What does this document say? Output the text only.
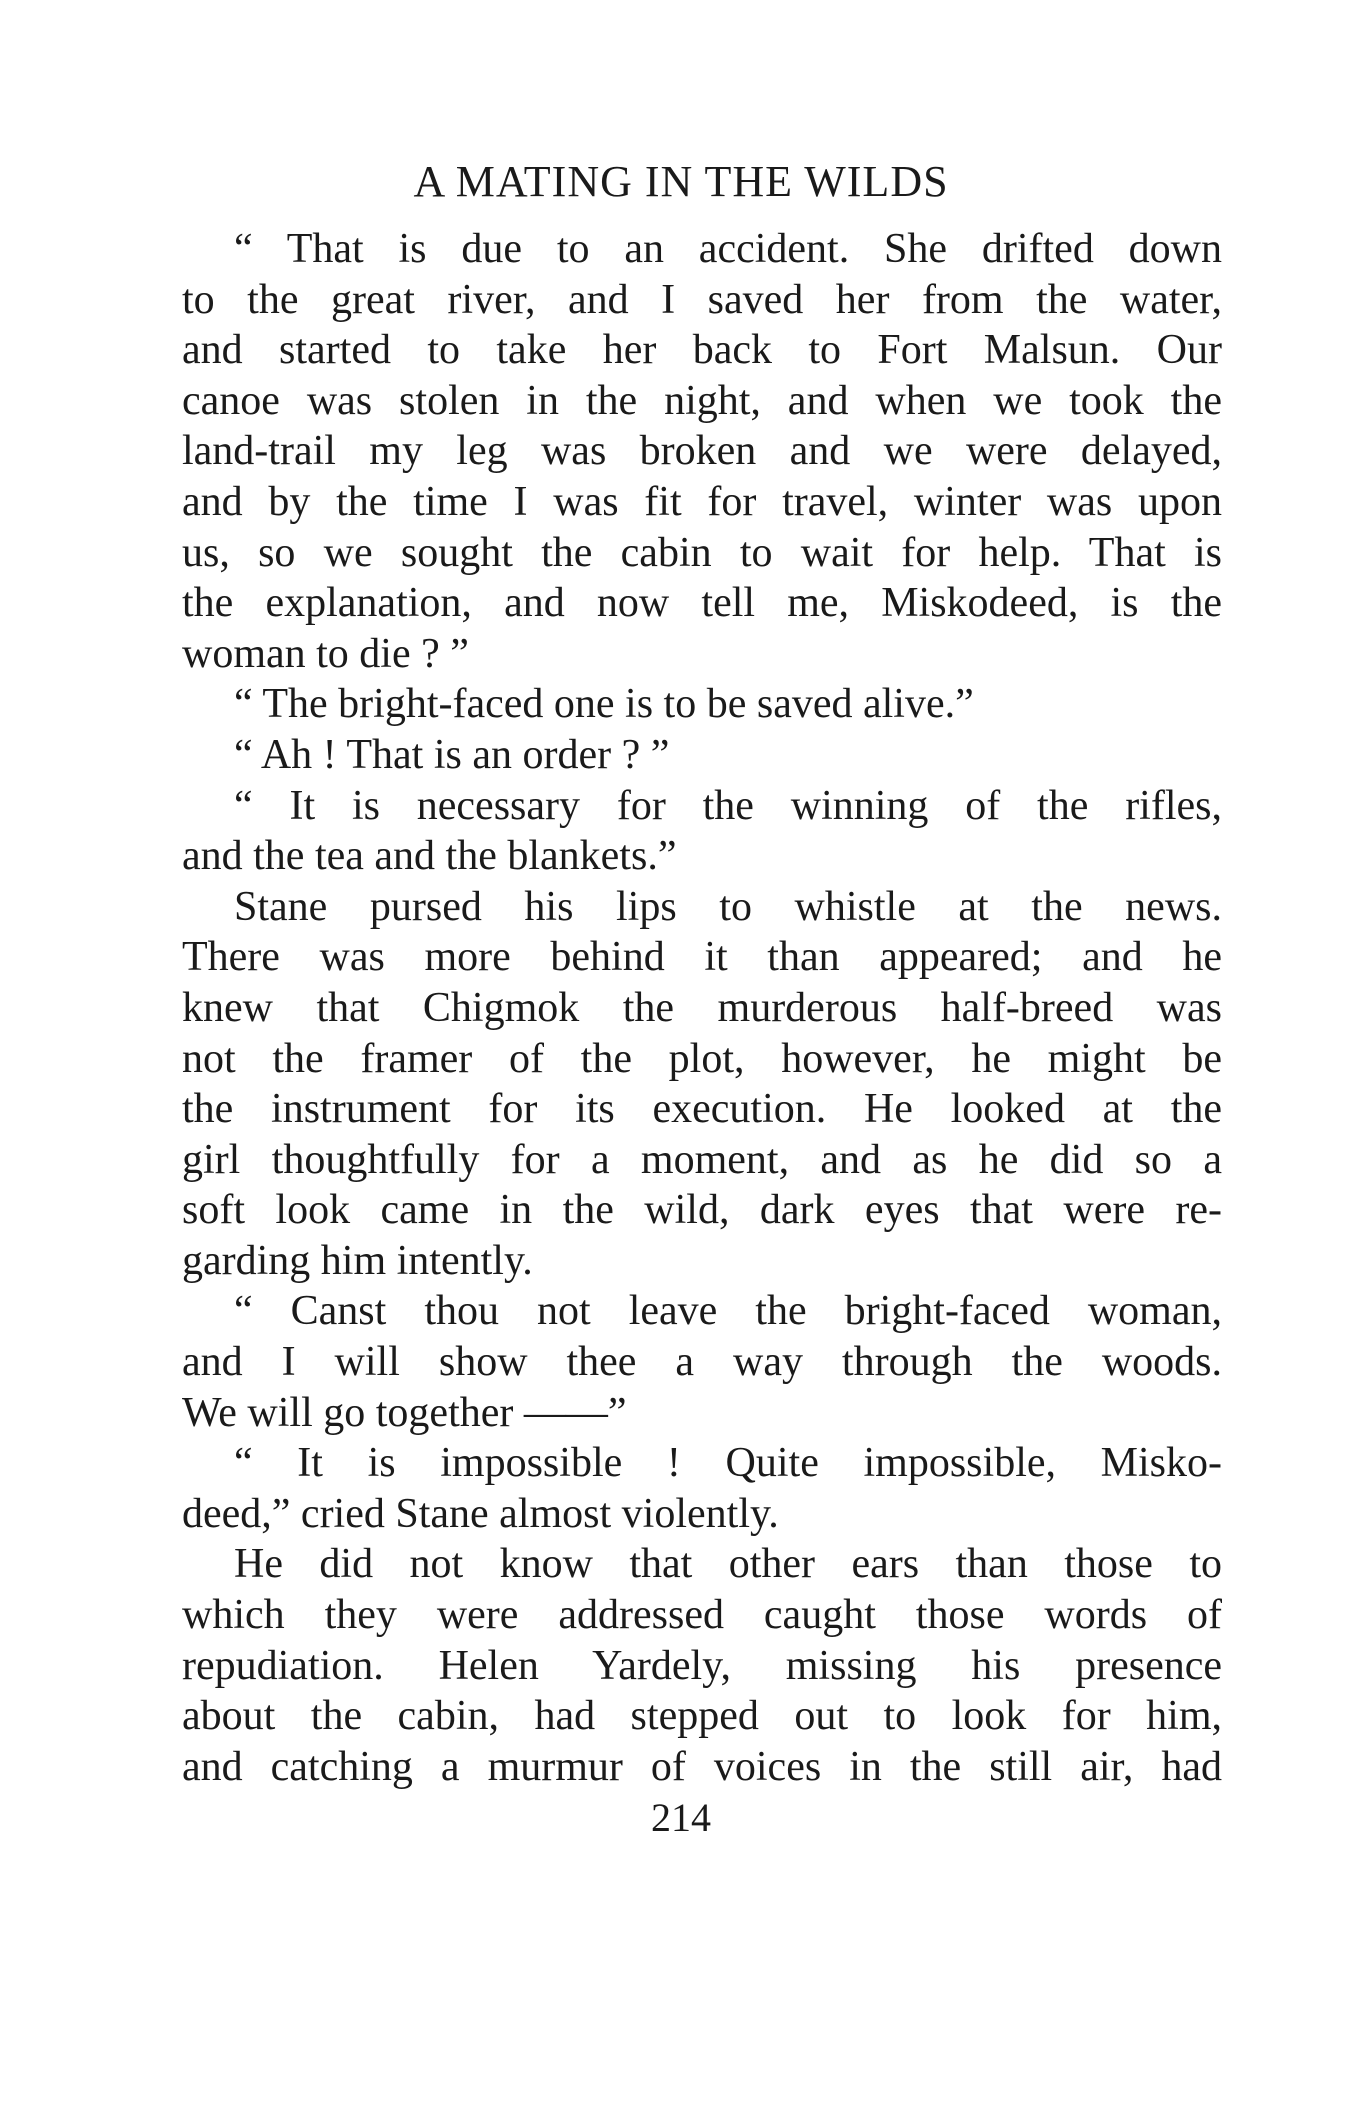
A MATING IN THE WILDS
“ That is due to an accident. She drifted down
to the great river, and I saved her from the water,
and started to take her back to Fort Malsun. Our
canoe was stolen in the night, and when we took the
land-trail my leg was broken and we were delayed,
and by the time I was fit for travel, winter was upon
us, so we sought the cabin to wait for help. That is
the explanation, and now tell me, Miskodeed, is the
woman to die ? ”
“ The bright-faced one is to be saved alive.”
“ Ah ! That is an order ? ”
“ It is necessary for the winning of the rifles,
and the tea and the blankets.”
Stane pursed his lips to whistle at the news.
There was more behind it than appeared; and he
knew that Chigmok the murderous half-breed was
not the framer of the plot, however, he might be
the instrument for its execution. He looked at the
girl thoughtfully for a moment, and as he did so a
soft look came in the wild, dark eyes that were re-
garding him intently.
“ Canst thou not leave the bright-faced woman,
and I will show thee a way through the woods.
We will go together ——”
“ It is impossible ! Quite impossible, Misko-
deed,” cried Stane almost violently.
He did not know that other ears than those to
which they were addressed caught those words of
repudiation. Helen Yardely, missing his presence
about the cabin, had stepped out to look for him,
and catching a murmur of voices in the still air, had
214
